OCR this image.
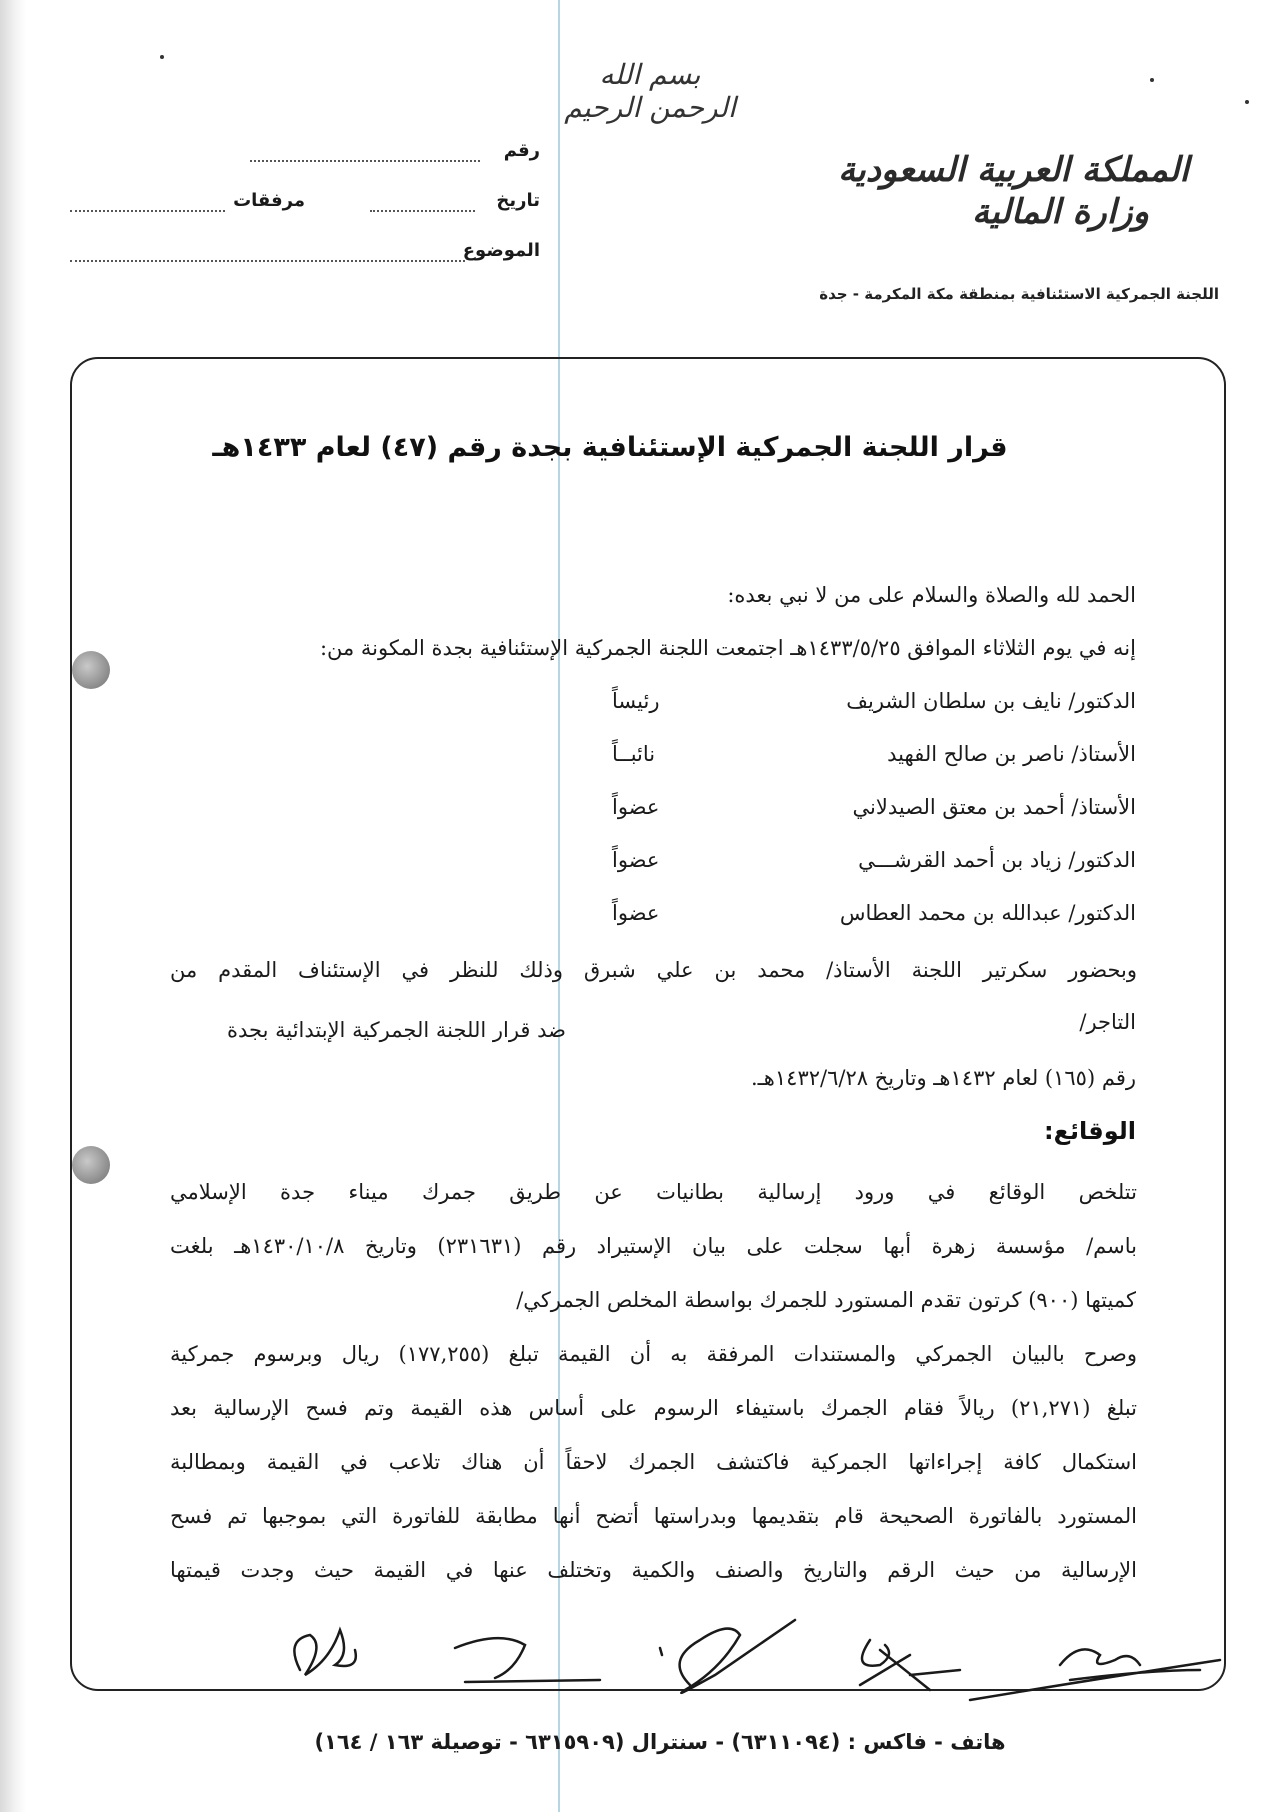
بسم الله الرحمن الرحيم
المملكة العربية السعودية
وزارة المالية
اللجنة الجمركية الاستئنافية بمنطقة مكة المكرمة - جدة
رقم
تاريخ
مرفقات
الموضوع
قرار اللجنة الجمركية الإستئنافية بجدة رقم (٤٧) لعام ١٤٣٣هـ
الحمد لله والصلاة والسلام على من لا نبي بعده:
إنه في يوم الثلاثاء الموافق ١٤٣٣/٥/٢٥هـ اجتمعت اللجنة الجمركية الإستئنافية بجدة المكونة من:
الدكتور/ نايف بن سلطان الشريف
رئيساً
الأستاذ/ ناصر بن صالح الفهيد
نائبــاً
الأستاذ/ أحمد بن معتق الصيدلاني
عضواً
الدكتور/ زياد بن أحمد القرشـــي
عضواً
الدكتور/ عبدالله بن محمد العطاس
عضواً
وبحضور سكرتير اللجنة الأستاذ/ محمد بن علي شبرق وذلك للنظر في الإستئناف المقدم من
التاجر/
ضد قرار اللجنة الجمركية الإبتدائية بجدة
رقم (١٦٥) لعام ١٤٣٢هـ وتاريخ ١٤٣٢/٦/٢٨هـ.
الوقائع:
تتلخص الوقائع في ورود إرسالية بطانيات عن طريق جمرك ميناء جدة الإسلامي
باسم/ مؤسسة زهرة أبها سجلت على بيان الإستيراد رقم (٢٣١٦٣١) وتاريخ ١٤٣٠/١٠/٨هـ بلغت
كميتها (٩٠٠) كرتون تقدم المستورد للجمرك بواسطة المخلص الجمركي/
وصرح بالبيان الجمركي والمستندات المرفقة به أن القيمة تبلغ (١٧٧,٢٥٥) ريال وبرسوم جمركية
تبلغ (٢١,٢٧١) ريالاً فقام الجمرك باستيفاء الرسوم على أساس هذه القيمة وتم فسح الإرسالية بعد
استكمال كافة إجراءاتها الجمركية فاكتشف الجمرك لاحقاً أن هناك تلاعب في القيمة وبمطالبة
المستورد بالفاتورة الصحيحة قام بتقديمها وبدراستها أتضح أنها مطابقة للفاتورة التي بموجبها تم فسح
الإرسالية من حيث الرقم والتاريخ والصنف والكمية وتختلف عنها في القيمة حيث وجدت قيمتها
هاتف - فاكس : (٦٣١١٠٩٤) - سنترال (٦٣١٥٩٠٩ - توصيلة ١٦٣ / ١٦٤)
